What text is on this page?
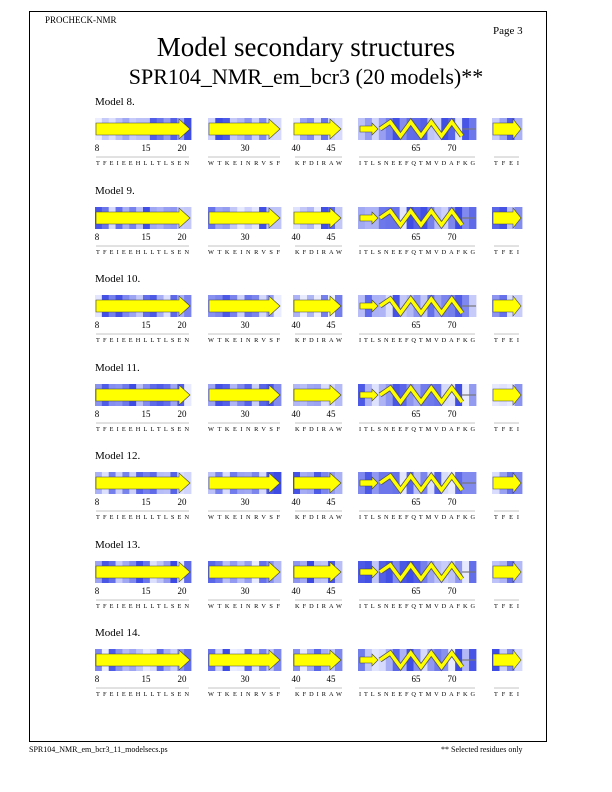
PROCHECK-NMR
Page 3
Model secondary structures
SPR104_NMR_em_bcr3 (20 models)**
Model 8.
8	15	20
TFEIEEHLLTLSEN
30
WTKEINRVSF
40	45
KFDIRAW
65	70
ITLSNEEFQTMVDAFKG	TFEI
Model 9.
8	15	20
TFEIEEHLLTLSEN
30
WTKEINRVSF
40	45
KFDIRAW
65	70
ITLSNEEFQTMVDAFKG	TFEI
Model 10.
8	15	20
TFEIEEHLLTLSEN
30
WTKEINRVSF
40	45
KFDIRAW
65	70
ITLSNEEFQTMVDAFKG	TFEI
Model 11.
8	15	20
TFEIEEHLLTLSEN
30
WTKEINRVSF
40	45
KFDIRAW
65	70
ITLSNEEFQTMVDAFKG	TFEI
Model 12.
8	15	20
TFEIEEHLLTLSEN
30
WTKEINRVSF
40	45
KFDIRAW
65	70
ITLSNEEFQTMVDAFKG	TFEI
Model 13.
8	15	20
TFEIEEHLLTLSEN
30
WTKEINRVSF
40	45
KFDIRAW
65	70
ITLSNEEFQTMVDAFKG	TFEI
Model 14.
8	15	20
TFEIEEHLLTLSEN
30
WTKEINRVSF
40	45
KFDIRAW
65	70
ITLSNEEFQTMVDAFKG	TFEI
SPR104_NMR_em_bcr3_11_modelsecs.ps	** Selected residues only
